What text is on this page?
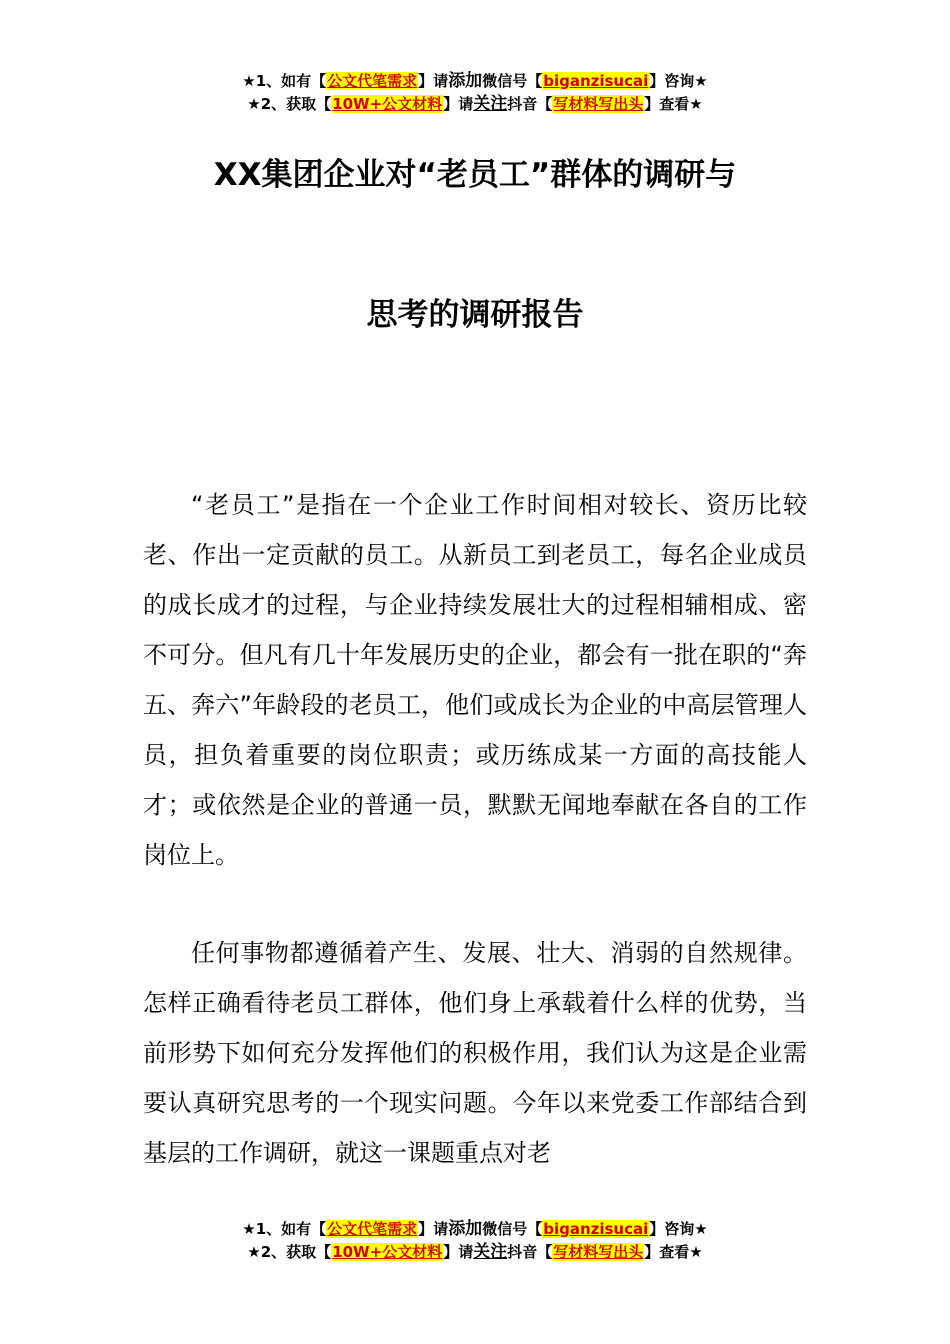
★1、如有【公文代笔需求】请添加微信号【biganzisucai】咨询★
★2、获取【10W+公文材料】请关注抖音【写材料写出头】查看★
XX集团企业对“老员工”群体的调研与
思考的调研报告

“老员工”是指在一个企业工作时间相对较长、资历比较老、作出一定贡献的员工。从新员工到老员工，每名企业成员的成长成才的过程，与企业持续发展壮大的过程相辅相成、密不可分。但凡有几十年发展历史的企业，都会有一批在职的“奔五、奔六”年龄段的老员工，他们或成长为企业的中高层管理人员，担负着重要的岗位职责；或历练成某一方面的高技能人才；或依然是企业的普通一员，默默无闻地奉献在各自的工作岗位上。

任何事物都遵循着产生、发展、壮大、消弱的自然规律。怎样正确看待老员工群体，他们身上承载着什么样的优势，当前形势下如何充分发挥他们的积极作用，我们认为这是企业需要认真研究思考的一个现实问题。今年以来党委工作部结合到基层的工作调研，就这一课题重点对老

★1、如有【公文代笔需求】请添加微信号【biganzisucai】咨询★
★2、获取【10W+公文材料】请关注抖音【写材料写出头】查看★
